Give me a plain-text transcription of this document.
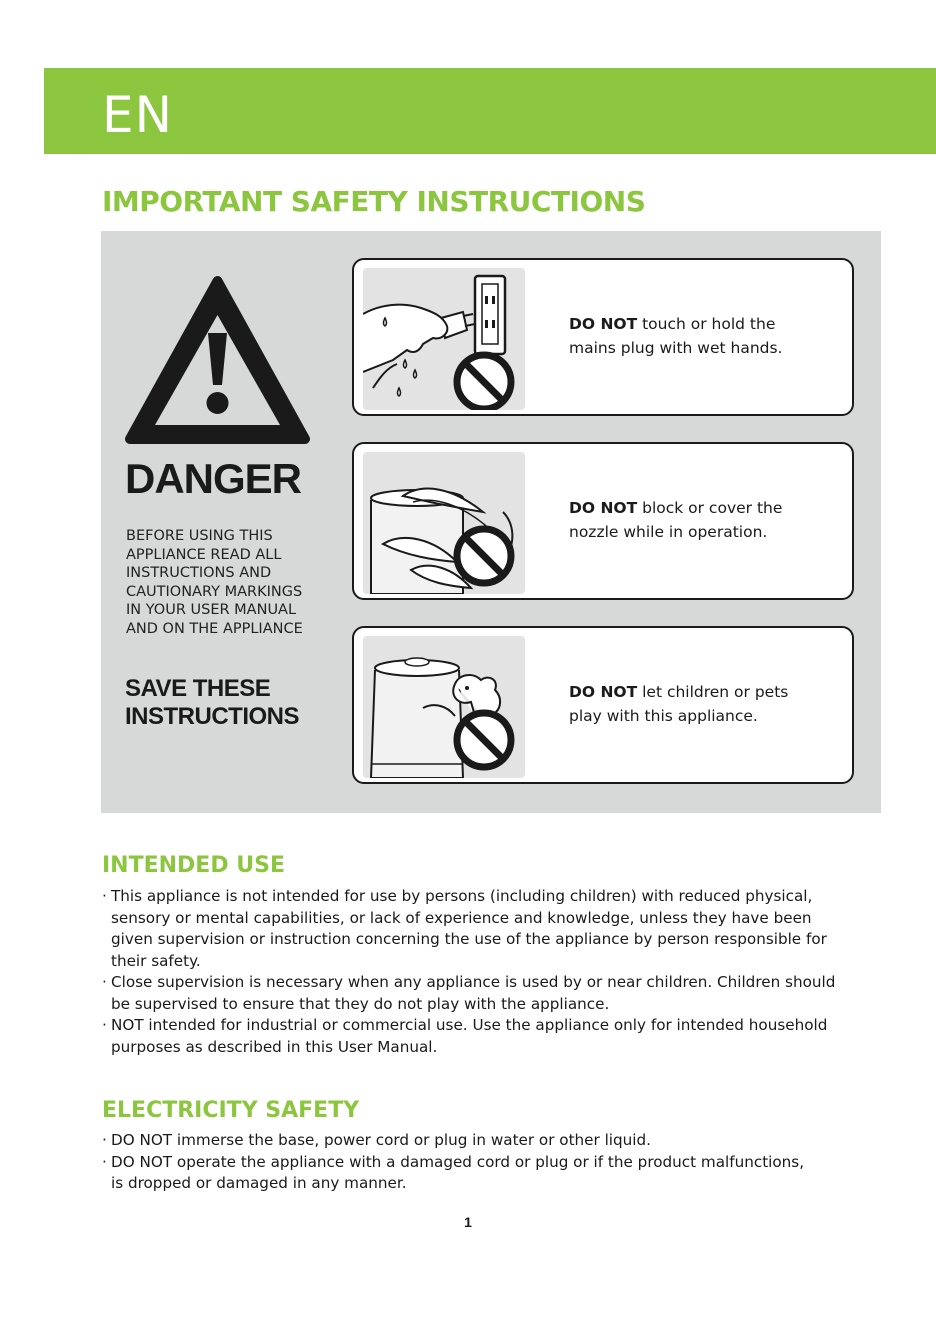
EN
IMPORTANT SAFETY INSTRUCTIONS
DANGER
BEFORE USING THIS
APPLIANCE READ ALL
INSTRUCTIONS AND
CAUTIONARY MARKINGS
IN YOUR USER MANUAL
AND ON THE APPLIANCE
SAVE THESE
INSTRUCTIONS
DO NOT touch or hold the
mains plug with wet hands.
DO NOT block or cover the
nozzle while in operation.
DO NOT let children or pets
play with this appliance.
INTENDED USE
· This appliance is not intended for use by persons (including children) with reduced physical,
sensory or mental capabilities, or lack of experience and knowledge, unless they have been
given supervision or instruction concerning the use of the appliance by person responsible for
their safety.
· Close supervision is necessary when any appliance is used by or near children. Children should
be supervised to ensure that they do not play with the appliance.
· NOT intended for industrial or commercial use. Use the appliance only for intended household
purposes as described in this User Manual.
ELECTRICITY SAFETY
· DO NOT immerse the base, power cord or plug in water or other liquid.
· DO NOT operate the appliance with a damaged cord or plug or if the product malfunctions,
is dropped or damaged in any manner.
1
